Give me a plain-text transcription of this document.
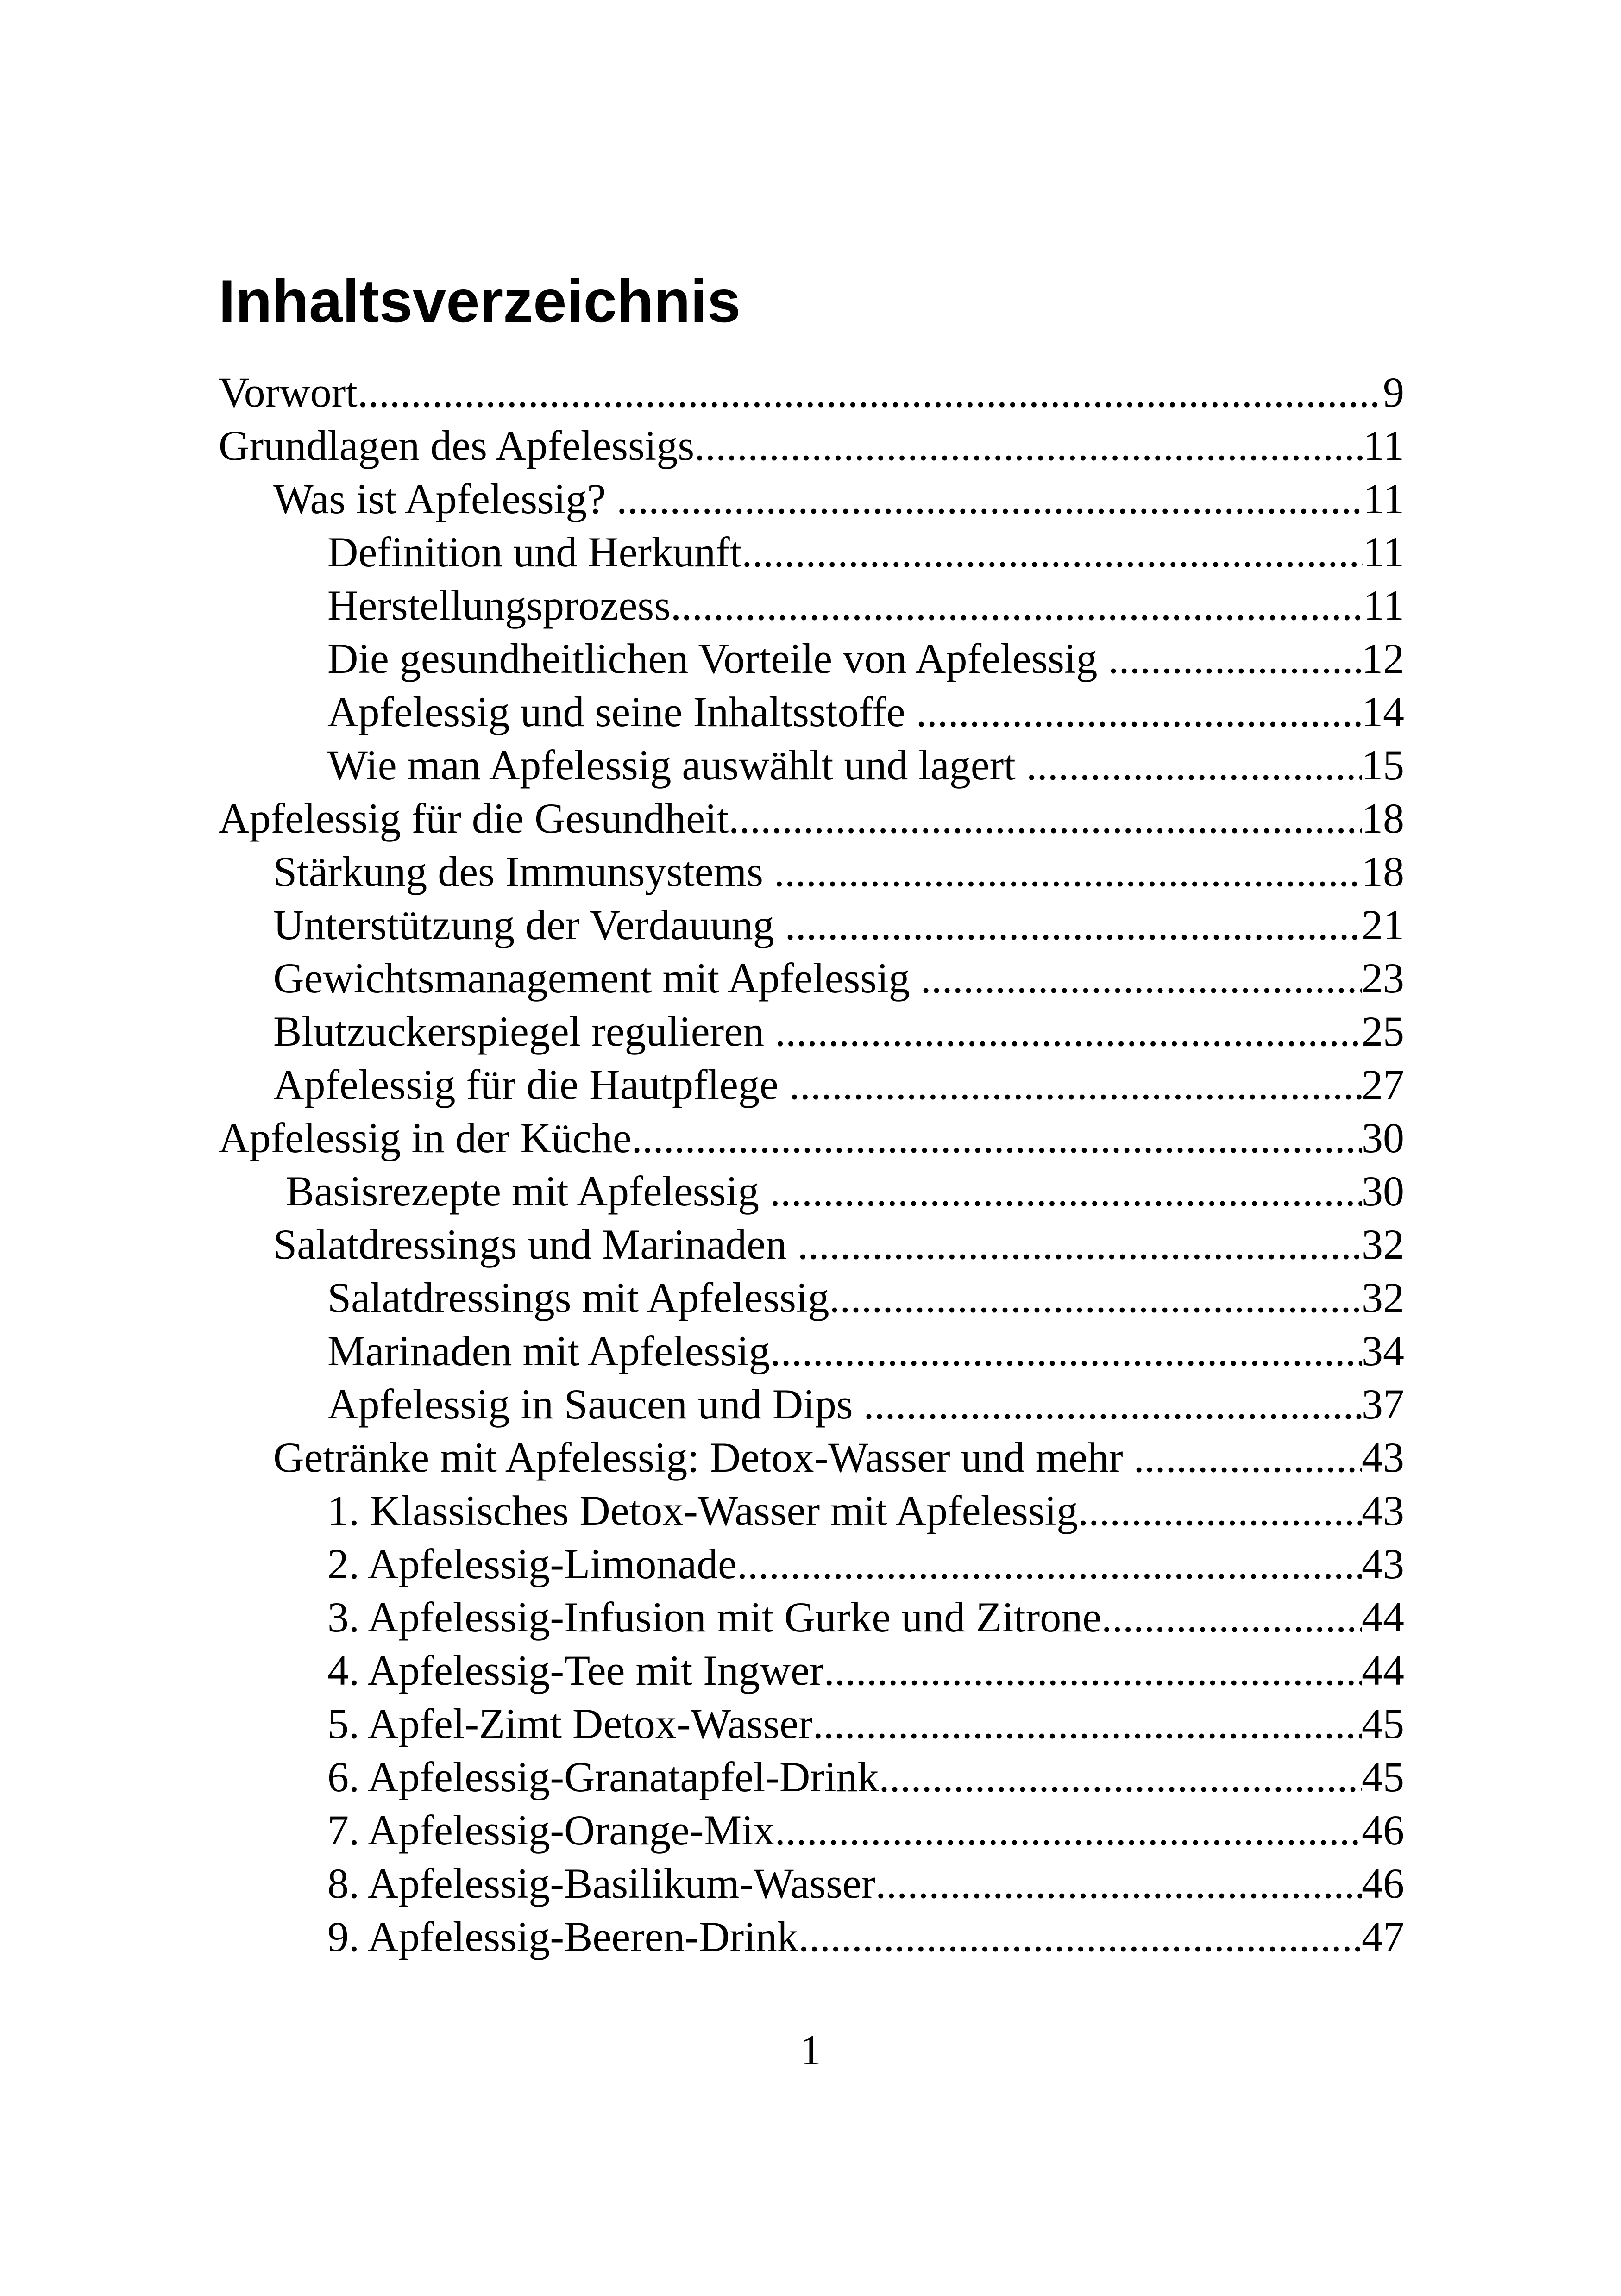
Inhaltsverzeichnis
Vorwort .....	9
Grundlagen des Apfelessigs .....	11
Was ist Apfelessig? .....	11
Definition und Herkunft .....	11
Herstellungsprozess .....	11
Die gesundheitlichen Vorteile von Apfelessig .....	12
Apfelessig und seine Inhaltsstoffe .....	14
Wie man Apfelessig auswählt und lagert .....	15
Apfelessig für die Gesundheit .....	18
Stärkung des Immunsystems .....	18
Unterstützung der Verdauung .....	21
Gewichtsmanagement mit Apfelessig .....	23
Blutzuckerspiegel regulieren .....	25
Apfelessig für die Hautpflege .....	27
Apfelessig in der Küche .....	30
Basisrezepte mit Apfelessig .....	30
Salatdressings und Marinaden .....	32
Salatdressings mit Apfelessig .....	32
Marinaden mit Apfelessig .....	34
Apfelessig in Saucen und Dips .....	37
Getränke mit Apfelessig: Detox-Wasser und mehr .....	43
1. Klassisches Detox-Wasser mit Apfelessig .....	43
2. Apfelessig-Limonade .....	43
3. Apfelessig-Infusion mit Gurke und Zitrone .....	44
4. Apfelessig-Tee mit Ingwer .....	44
5. Apfel-Zimt Detox-Wasser .....	45
6. Apfelessig-Granatapfel-Drink .....	45
7. Apfelessig-Orange-Mix .....	46
8. Apfelessig-Basilikum-Wasser .....	46
9. Apfelessig-Beeren-Drink .....	47
1
